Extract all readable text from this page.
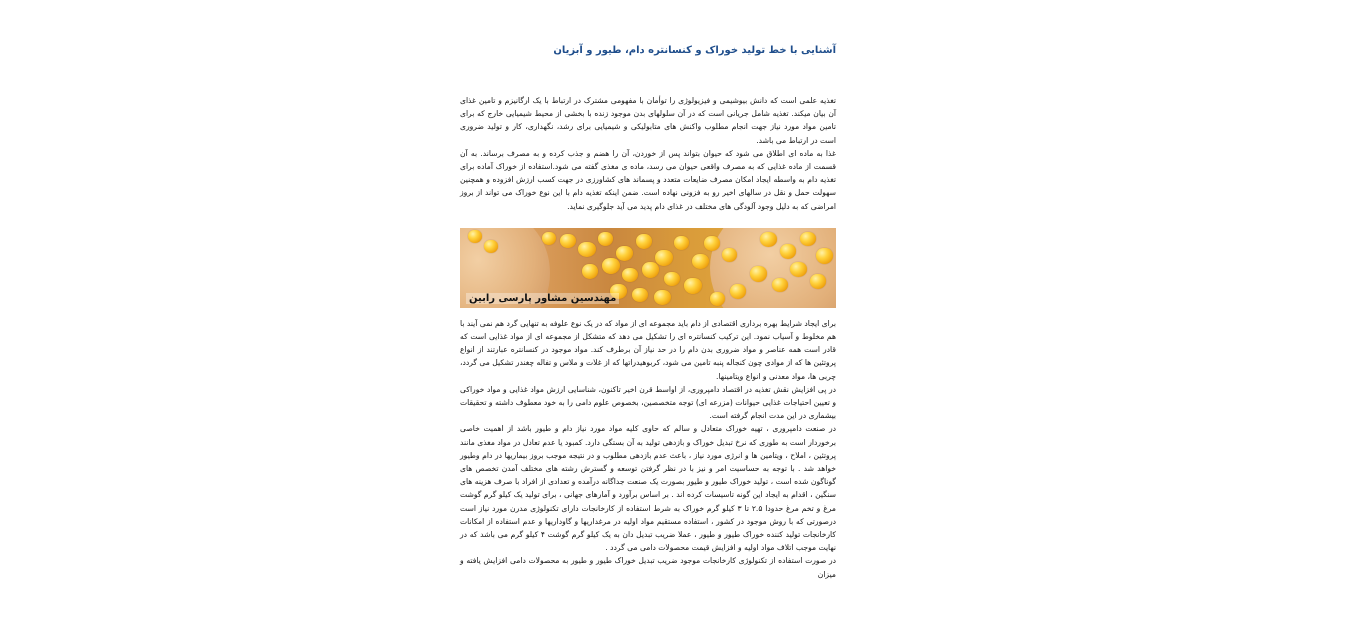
آشنایی با خط تولید خوراک و کنسانتره دام، طیور و آبزیان

تغذیه علمی است که دانش بیوشیمی و فیزیولوژی را توأمان با مفهومی مشترک در ارتباط با یک ارگانیزم و تامین غذای آن بیان میکند. تغذیه شامل جریانی است که در آن سلولهای بدن موجود زنده با بخشی از محیط شیمیایی خارج که برای تامین مواد مورد نیاز جهت انجام مطلوب واکنش های متابولیکی و شیمیایی برای رشد، نگهداری، کار و تولید ضروری است در ارتباط می باشد.

غذا به ماده ای اطلاق می شود که حیوان بتواند پس از خوردن، آن را هضم و جذب کرده و به مصرف برساند. به آن قسمت از ماده غذایی که به مصرف واقعی حیوان می رسد، ماده ی مغذی گفته می شود.استفاده از خوراک آماده برای تغذیه دام به واسطه ایجاد امکان مصرف ضایعات متعدد و پسماند های کشاورزی در جهت کسب ارزش افزوده و همچنین سهولت حمل و نقل در سالهای اخیر رو به فزونی نهاده است. ضمن اینکه تغذیه دام با این نوع خوراک می تواند از بروز امراضی که به دلیل وجود آلودگی های مختلف در غذای دام پدید می آید جلوگیری نماید.

مهندسین مشاور پارسی رابین

برای ایجاد شرایط بهره برداری اقتصادی از دام باید مجموعه ای از مواد که در یک نوع علوفه به تنهایی گرد هم نمی آیند با هم مخلوط و آسیاب نمود. این ترکیب کنسانتره ای را تشکیل می دهد که متشکل از مجموعه ای از مواد غذایی است که قادر است همه عناصر و مواد ضروری بدن دام را در حد نیاز آن برطرف کند. مواد موجود در کنسانتره عبارتند از انواع پروتئین ها که از موادی چون کنجاله پنبه تامین می شود، کربوهیدراتها که از غلات و ملاس و تفاله چغندر تشکیل می گردد، چربی ها، مواد معدنی و انواع ویتامینها.

در پی افزایش نقش تغذیه در اقتصاد دامپروری، از اواسط قرن اخیر تاکنون، شناسایی ارزش مواد غذایی و مواد خوراکی و تعیین احتیاجات غذایی حیوانات (مزرعه ای) توجه متخصصین، بخصوص علوم دامی را به خود معطوف داشته و تحقیقات بیشماری در این مدت انجام گرفته است.

در صنعت دامپروری ، تهیه خوراک متعادل و سالم که حاوی کلیه مواد مورد نیاز دام و طیور باشد از اهمیت خاصی برخوردار است به طوری که نرخ تبدیل خوراک و بازدهی تولید به آن بستگی دارد. کمبود یا عدم تعادل در مواد مغذی مانند پروتئین ، املاح ، ویتامین ها و انرژی مورد نیاز ، باعث عدم بازدهی مطلوب و در نتیجه موجب بروز بیماریها در دام وطیور خواهد شد . با توجه به حساسیت امر و نیز با در نظر گرفتن توسعه و گسترش رشته های مختلف آمدن تخصص های گوناگون شده است ، تولید خوراک طیور و طیور بصورت یک صنعت جداگانه درآمده و تعدادی از افراد با صرف هزینه های سنگین ، اقدام به ایجاد این گونه تاسیسات کرده اند . بر اساس برآورد و آمارهای جهانی ، برای تولید یک کیلو گرم گوشت مرغ و تخم مرغ حدودا ۲.۵ تا ۳ کیلو گرم خوراک به شرط استفاده از کارخانجات دارای تکنولوژی مدرن مورد نیاز است درصورتی که با روش موجود در کشور ، استفاده مستقیم مواد اولیه در مرغداریها و گاوداریها و عدم استفاده از امکانات کارخانجات تولید کننده خوراک طیور و طیور ، عملا ضریب تبدیل دان به یک کیلو گرم گوشت ۴ کیلو گرم می باشد که در نهایت موجب اتلاف مواد اولیه و افزایش قیمت محصولات دامی می گردد .

در صورت استفاده از تکنولوژی کارخانجات موجود ضریب تبدیل خوراک طیور و طیور به محصولات دامی افزایش یافته و میزان
